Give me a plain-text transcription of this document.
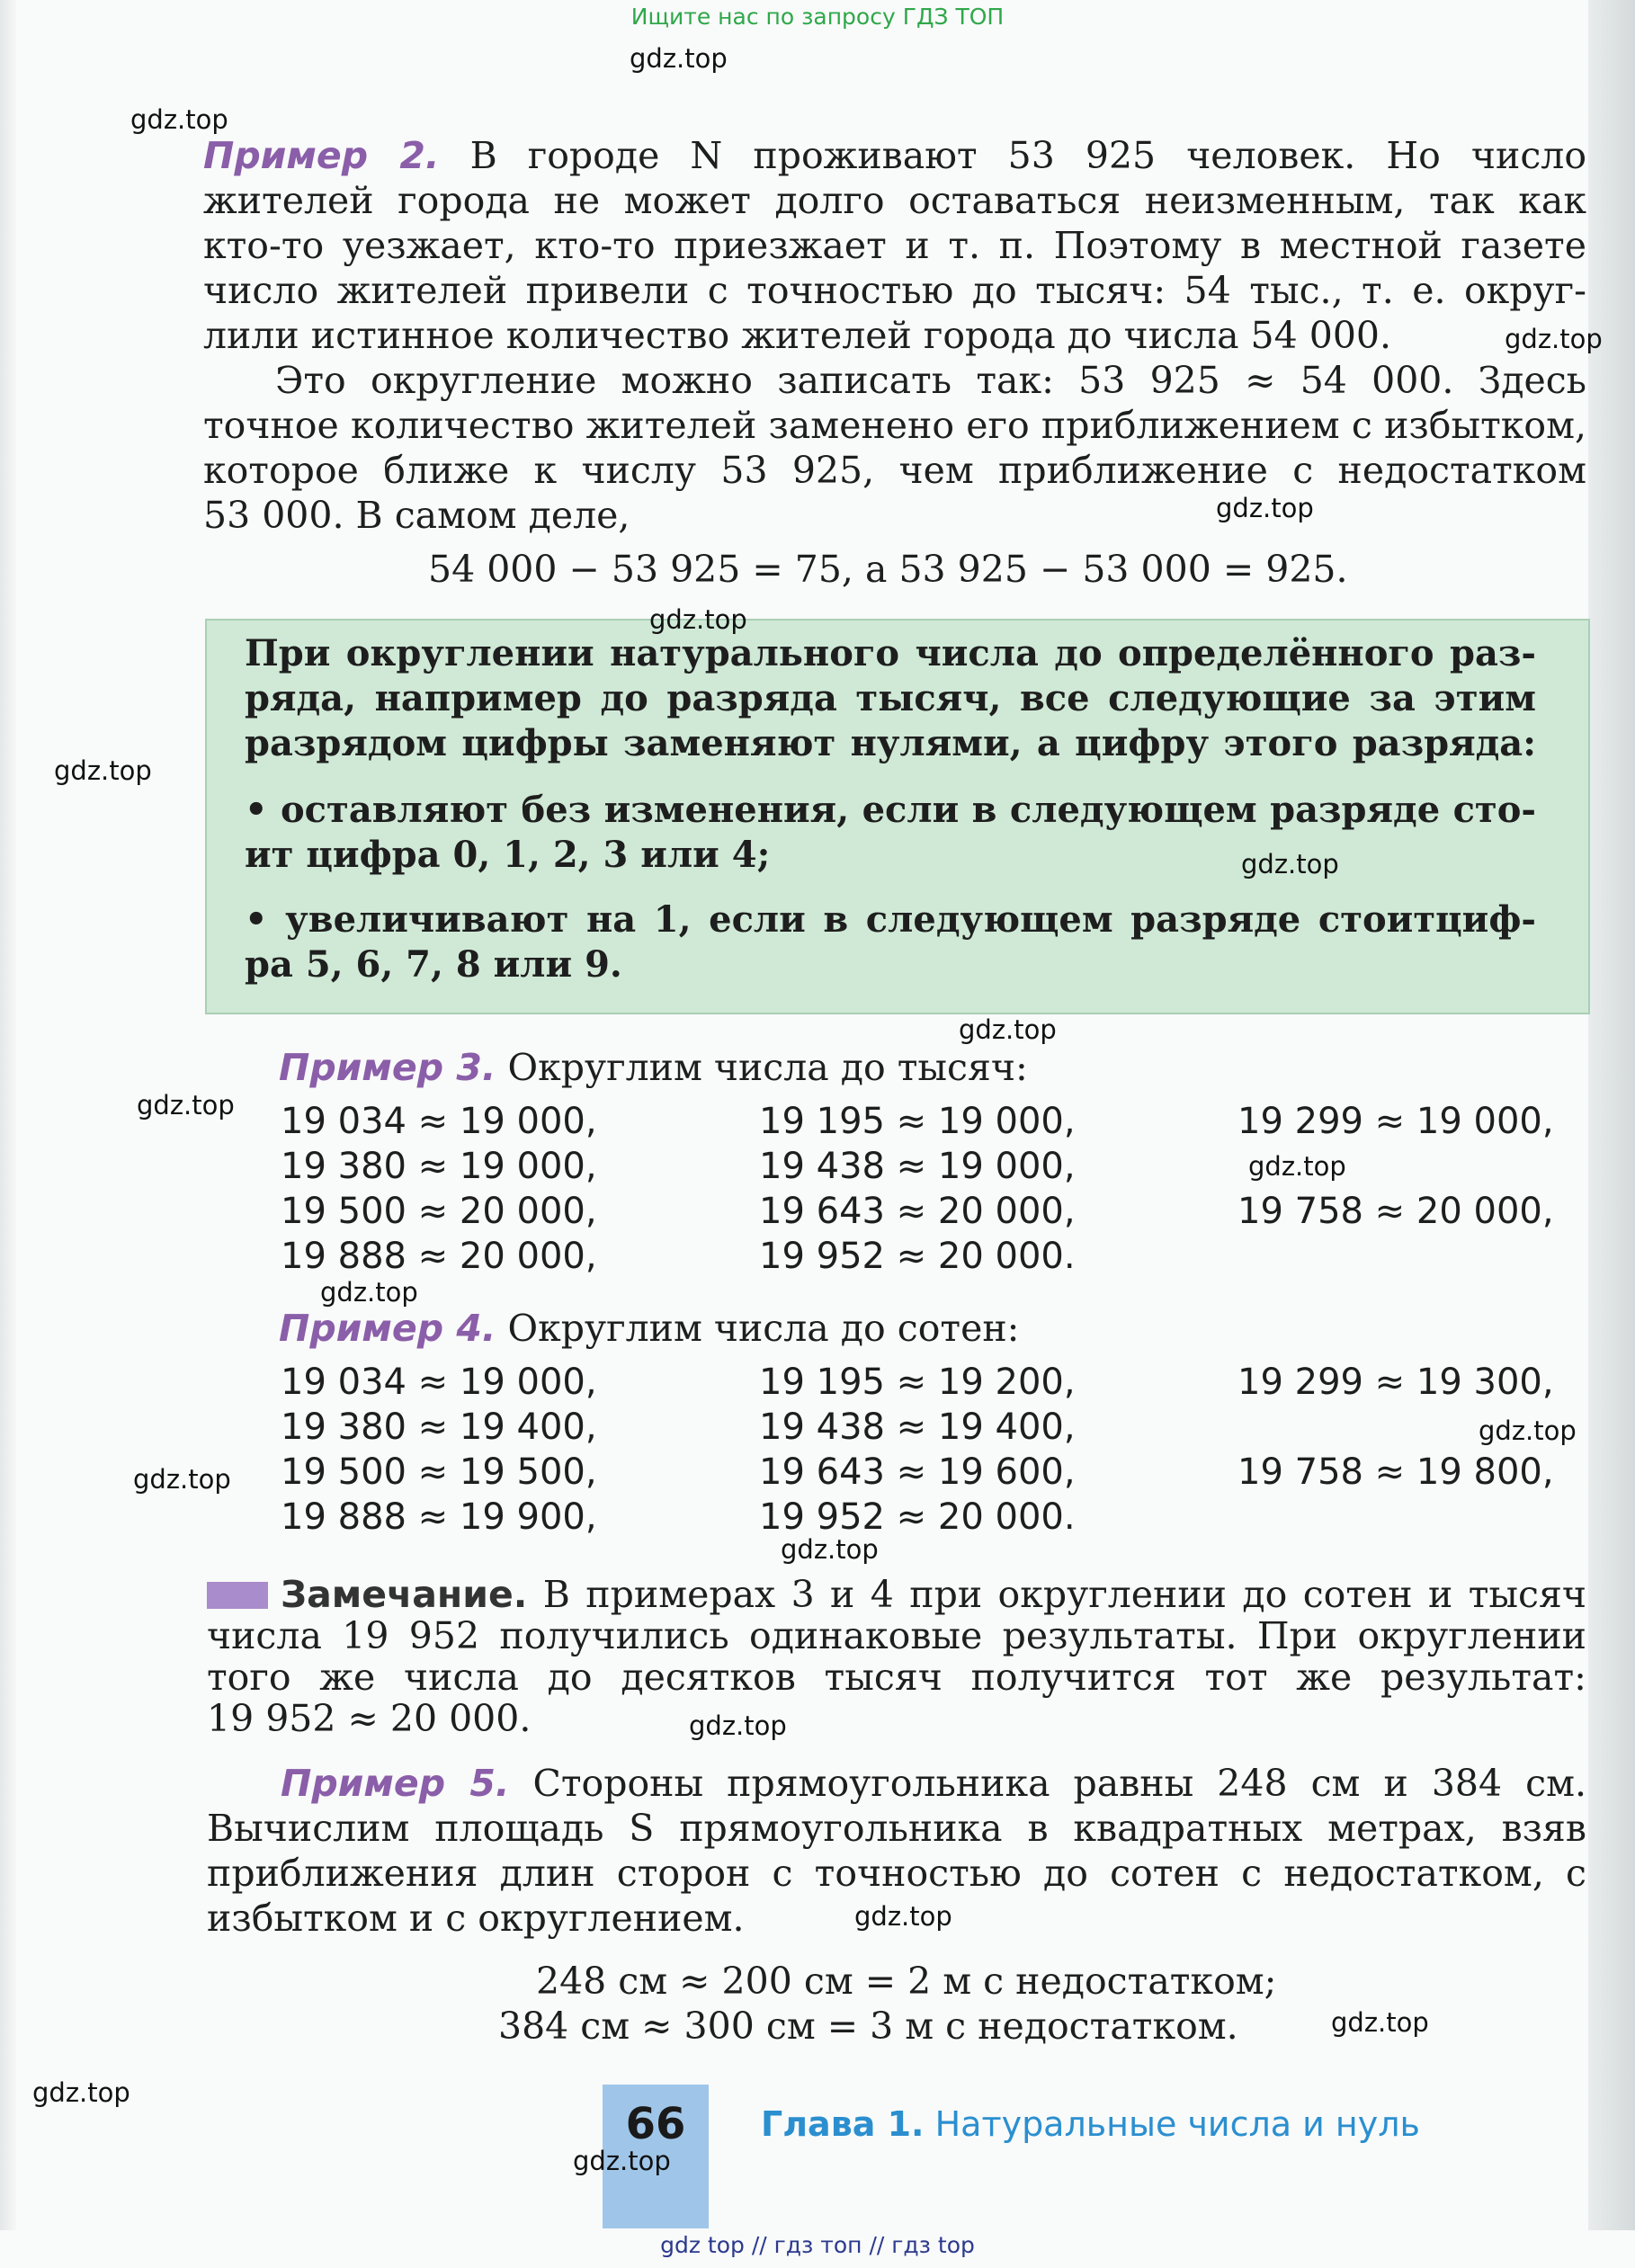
Ищите нас по запросу ГДЗ ТОП

Пример 2. В городе N проживают 53 925 человек. Но число

жителей города не может долго оставаться неизменным, так как

кто-то уезжает, кто-то приезжает и т. п. Поэтому в местной газете

число жителей привели с точностью до тысяч: 54 тыс., т. е. округ-

лили истинное количество жителей города до числа 54 000.

Это округление можно записать так: 53 925 ≈ 54 000. Здесь

точное количество жителей заменено его приближением с избытком,

которое ближе к числу 53 925, чем приближение с недостатком

53 000. В самом деле,

54 000 − 53 925 = 75, а 53 925 − 53 000 = 925.

При округлении натурального числа до определённого раз-

ряда, например до разряда тысяч, все следующие за этим

разрядом цифры заменяют нулями, а цифру этого разряда:

• оставляют без изменения, если в следующем разряде сто-

ит цифра 0, 1, 2, 3 или 4;

• увеличивают на 1, если в следующем разряде стоитциф-

ра 5, 6, 7, 8 или 9.

Пример 3. Округлим числа до тысяч:
19 034 ≈ 19 000,	19 195 ≈ 19 000,	19 299 ≈ 19 000,
19 380 ≈ 19 000,	19 438 ≈ 19 000,
19 500 ≈ 20 000,	19 643 ≈ 20 000,	19 758 ≈ 20 000,
19 888 ≈ 20 000,	19 952 ≈ 20 000.
Пример 4. Округлим числа до сотен:
19 034 ≈ 19 000,	19 195 ≈ 19 200,	19 299 ≈ 19 300,
19 380 ≈ 19 400,	19 438 ≈ 19 400,
19 500 ≈ 19 500,	19 643 ≈ 19 600,	19 758 ≈ 19 800,
19 888 ≈ 19 900,	19 952 ≈ 20 000.

Замечание. В примерах 3 и 4 при округлении до сотен и тысяч

числа 19 952 получились одинаковые результаты. При округлении

того же числа до десятков тысяч получится тот же результат:

19 952 ≈ 20 000.

Пример 5. Стороны прямоугольника равны 248 см и 384 см.

Вычислим площадь S прямоугольника в квадратных метрах, взяв

приближения длин сторон с точностью до сотен с недостатком, с

избытком и с округлением.

248 см ≈ 200 см = 2 м с недостатком;
384 см ≈ 300 см = 3 м с недостатком.
66	Глава 1. Натуральные числа и нуль
gdz top // гдз топ // гдз top
gdz.top
gdz.top
gdz.top
gdz.top
gdz.top
gdz.top
gdz.top
gdz.top
gdz.top
gdz.top
gdz.top
gdz.top
gdz.top
gdz.top
gdz.top
gdz.top
gdz.top
gdz.top
gdz.top
